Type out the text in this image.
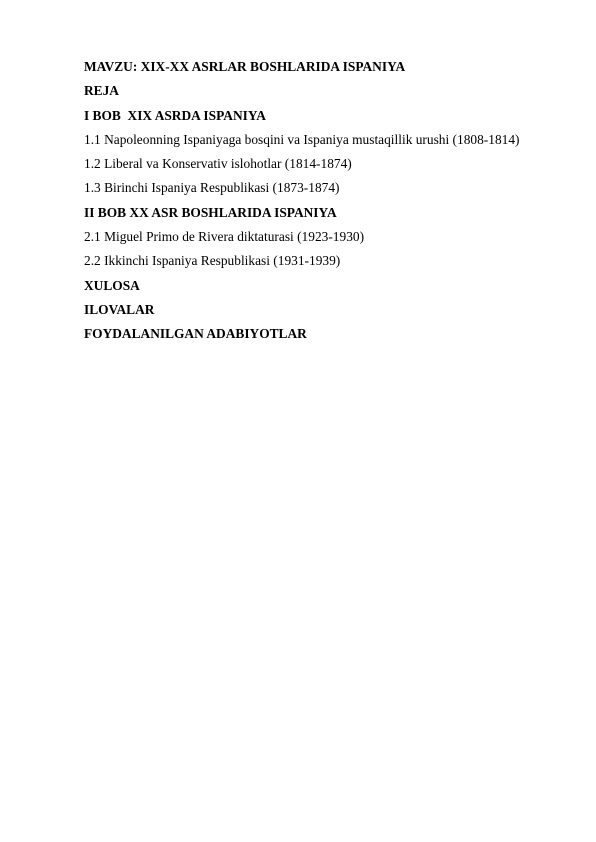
MAVZU: XIX-XX ASRLAR BOSHLARIDA ISPANIYA

REJA

I BOB  XIX ASRDA ISPANIYA

1.1 Napoleonning Ispaniyaga bosqini va Ispaniya mustaqillik urushi (1808-1814)

1.2 Liberal va Konservativ islohotlar (1814-1874)

1.3 Birinchi Ispaniya Respublikasi (1873-1874)

II BOB XX ASR BOSHLARIDA ISPANIYA

2.1 Miguel Primo de Rivera diktaturasi (1923-1930)

2.2 Ikkinchi Ispaniya Respublikasi (1931-1939)

XULOSA

ILOVALAR

FOYDALANILGAN ADABIYOTLAR
